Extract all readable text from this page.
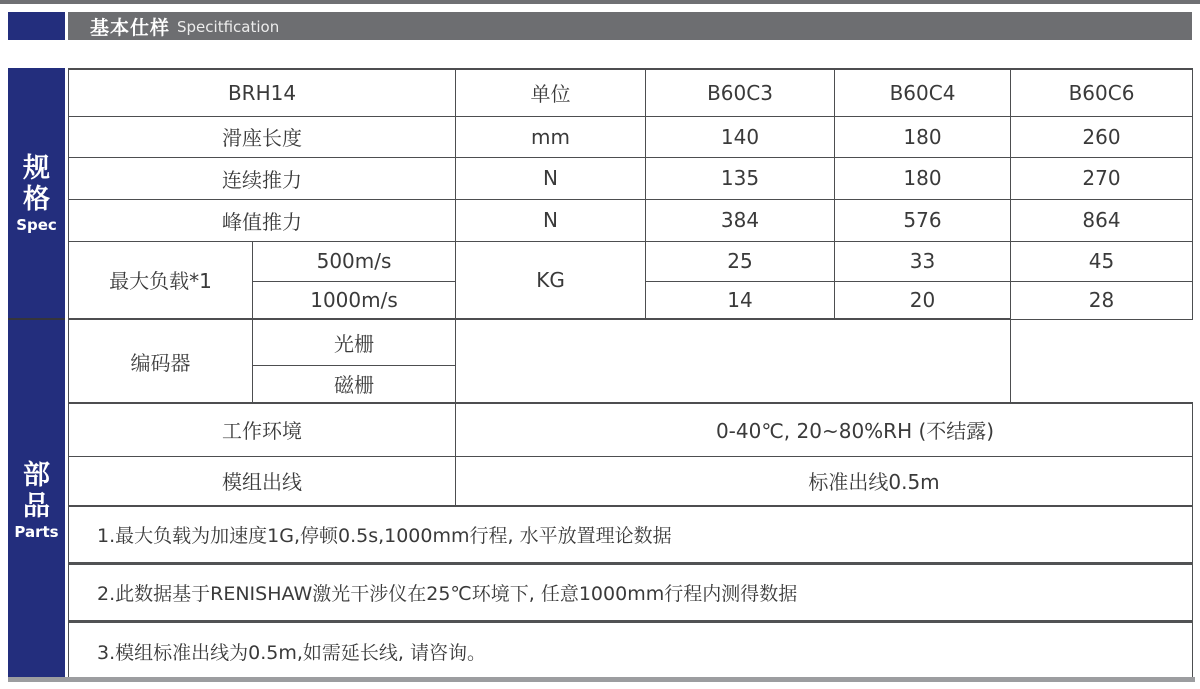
基本仕样 Specitfication
规
格
Spec
部
品
Parts
BRH14		单位	B60C3	B60C4	B60C6
滑座长度		mm	140	180	260
连续推力		N	135	180	270
峰值推力		N	384	576	864
最大负载*1	500m/s	KG	25	33	45
	1000m/s		14	20	28
编码器	光栅				
	磁栅				
工作环境		0-40℃, 20~80%RH (不结露)			
模组出线		标准出线0.5m			
1.最大负载为加速度1G,停顿0.5s,1000mm行程, 水平放置理论数据					
2.此数据基于RENISHAW激光干涉仪在25℃环境下, 任意1000mm行程内测得数据					
3.模组标准出线为0.5m,如需延长线, 请咨询。					
